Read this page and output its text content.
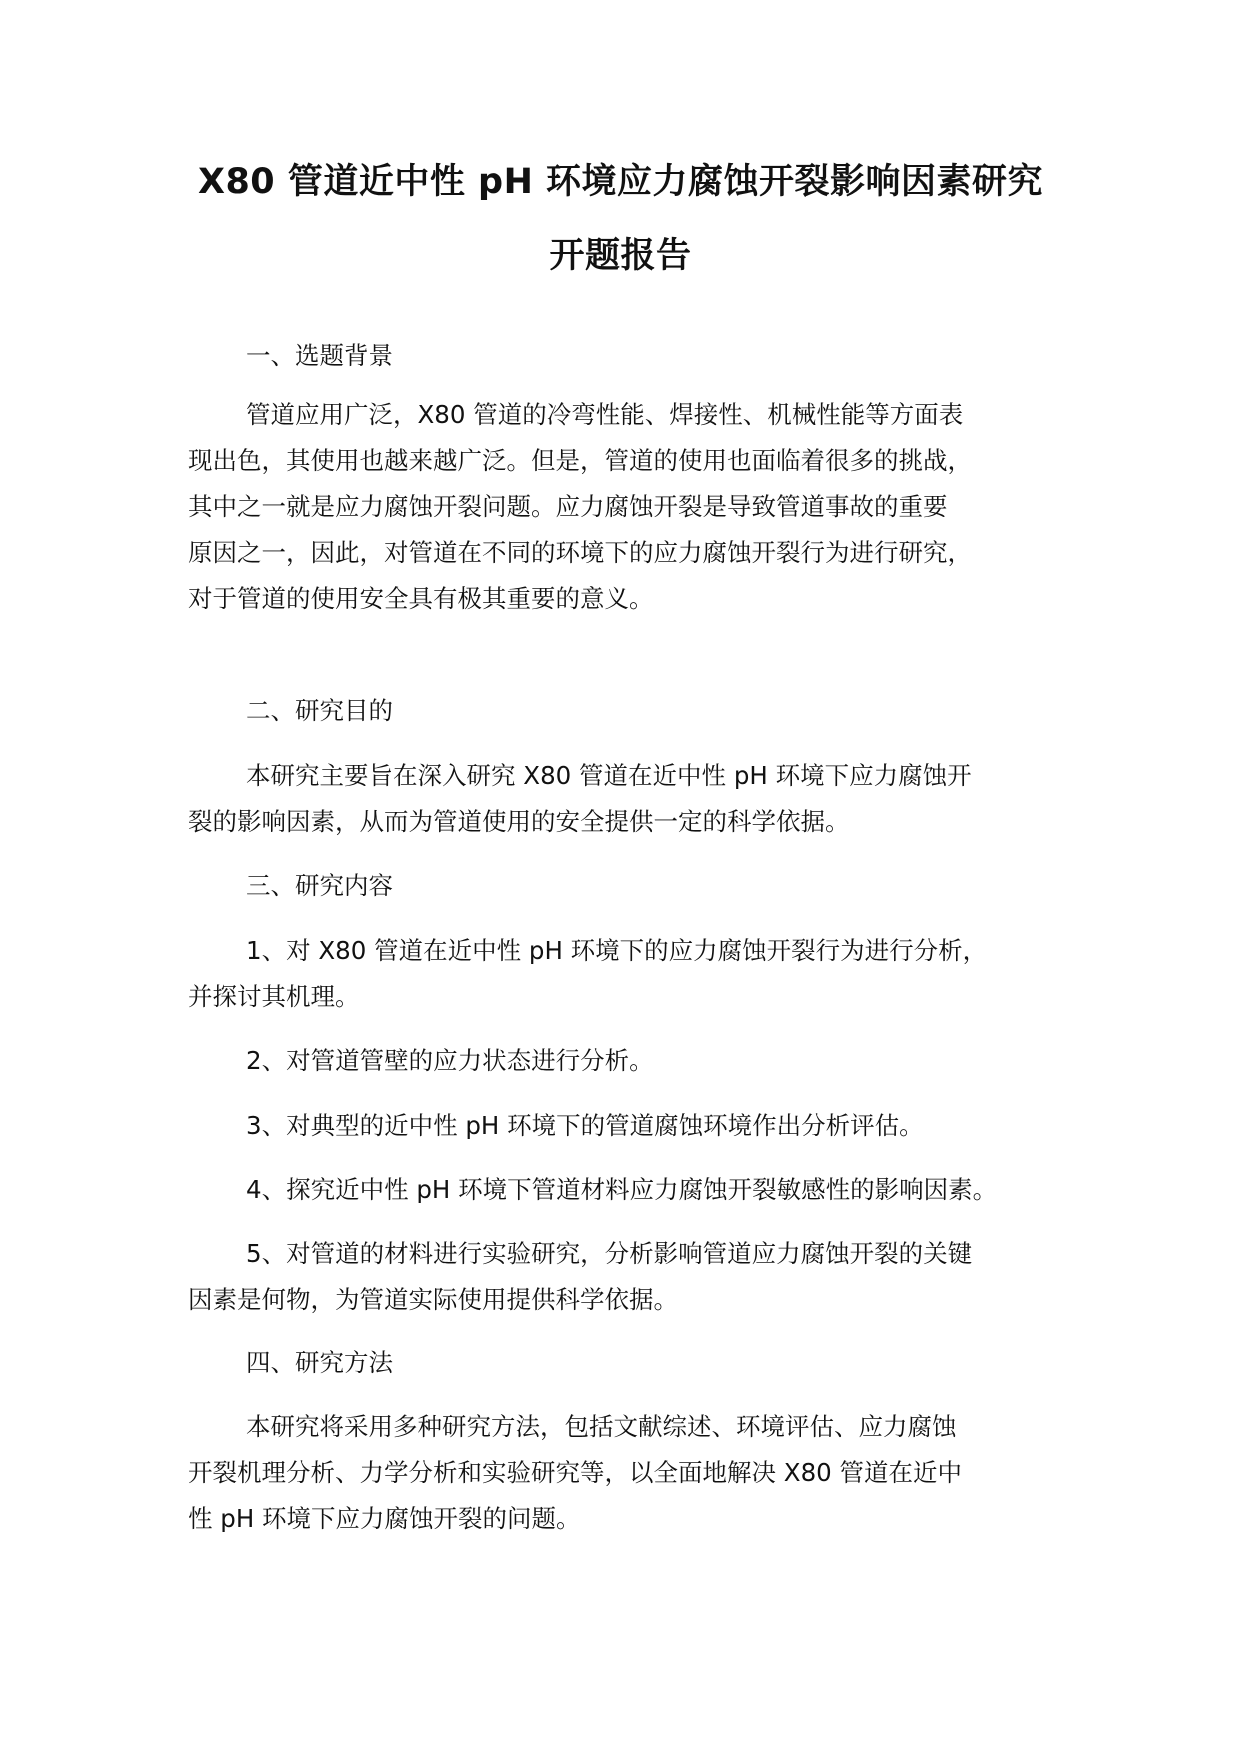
X80 管道近中性 pH 环境应力腐蚀开裂影响因素研究
开题报告
一、选题背景
管道应用广泛，X80 管道的冷弯性能、焊接性、机械性能等方面表
现出色，其使用也越来越广泛。但是，管道的使用也面临着很多的挑战，
其中之一就是应力腐蚀开裂问题。应力腐蚀开裂是导致管道事故的重要
原因之一，因此，对管道在不同的环境下的应力腐蚀开裂行为进行研究，
对于管道的使用安全具有极其重要的意义。
二、研究目的
本研究主要旨在深入研究 X80 管道在近中性 pH 环境下应力腐蚀开
裂的影响因素，从而为管道使用的安全提供一定的科学依据。
三、研究内容
1、对 X80 管道在近中性 pH 环境下的应力腐蚀开裂行为进行分析，
并探讨其机理。
2、对管道管壁的应力状态进行分析。
3、对典型的近中性 pH 环境下的管道腐蚀环境作出分析评估。
4、探究近中性 pH 环境下管道材料应力腐蚀开裂敏感性的影响因素。
5、对管道的材料进行实验研究，分析影响管道应力腐蚀开裂的关键
因素是何物，为管道实际使用提供科学依据。
四、研究方法
本研究将采用多种研究方法，包括文献综述、环境评估、应力腐蚀
开裂机理分析、力学分析和实验研究等，以全面地解决 X80 管道在近中
性 pH 环境下应力腐蚀开裂的问题。
